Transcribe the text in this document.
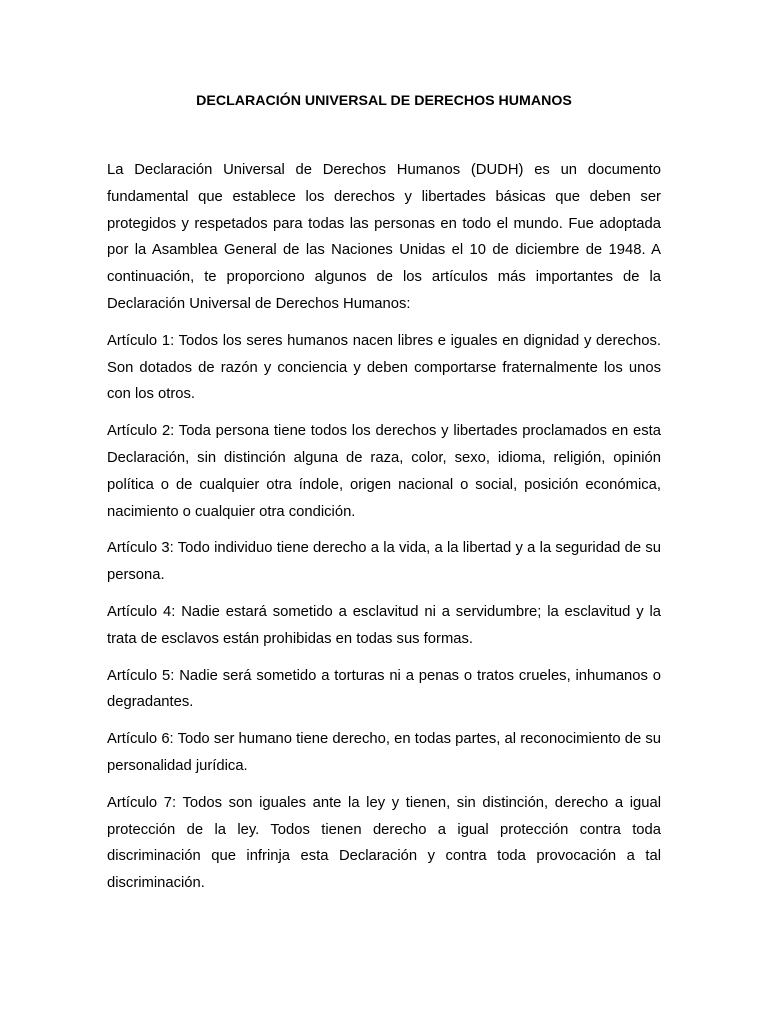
DECLARACIÓN UNIVERSAL DE DERECHOS HUMANOS

La Declaración Universal de Derechos Humanos (DUDH) es un documento fundamental que establece los derechos y libertades básicas que deben ser protegidos y respetados para todas las personas en todo el mundo. Fue adoptada por la Asamblea General de las Naciones Unidas el 10 de diciembre de 1948. A continuación, te proporciono algunos de los artículos más importantes de la Declaración Universal de Derechos Humanos:

Artículo 1: Todos los seres humanos nacen libres e iguales en dignidad y derechos. Son dotados de razón y conciencia y deben comportarse fraternalmente los unos con los otros.

Artículo 2: Toda persona tiene todos los derechos y libertades proclamados en esta Declaración, sin distinción alguna de raza, color, sexo, idioma, religión, opinión política o de cualquier otra índole, origen nacional o social, posición económica, nacimiento o cualquier otra condición.

Artículo 3: Todo individuo tiene derecho a la vida, a la libertad y a la seguridad de su persona.

Artículo 4: Nadie estará sometido a esclavitud ni a servidumbre; la esclavitud y la trata de esclavos están prohibidas en todas sus formas.

Artículo 5: Nadie será sometido a torturas ni a penas o tratos crueles, inhumanos o degradantes.

Artículo 6: Todo ser humano tiene derecho, en todas partes, al reconocimiento de su personalidad jurídica.

Artículo 7: Todos son iguales ante la ley y tienen, sin distinción, derecho a igual protección de la ley. Todos tienen derecho a igual protección contra toda discriminación que infrinja esta Declaración y contra toda provocación a tal discriminación.
